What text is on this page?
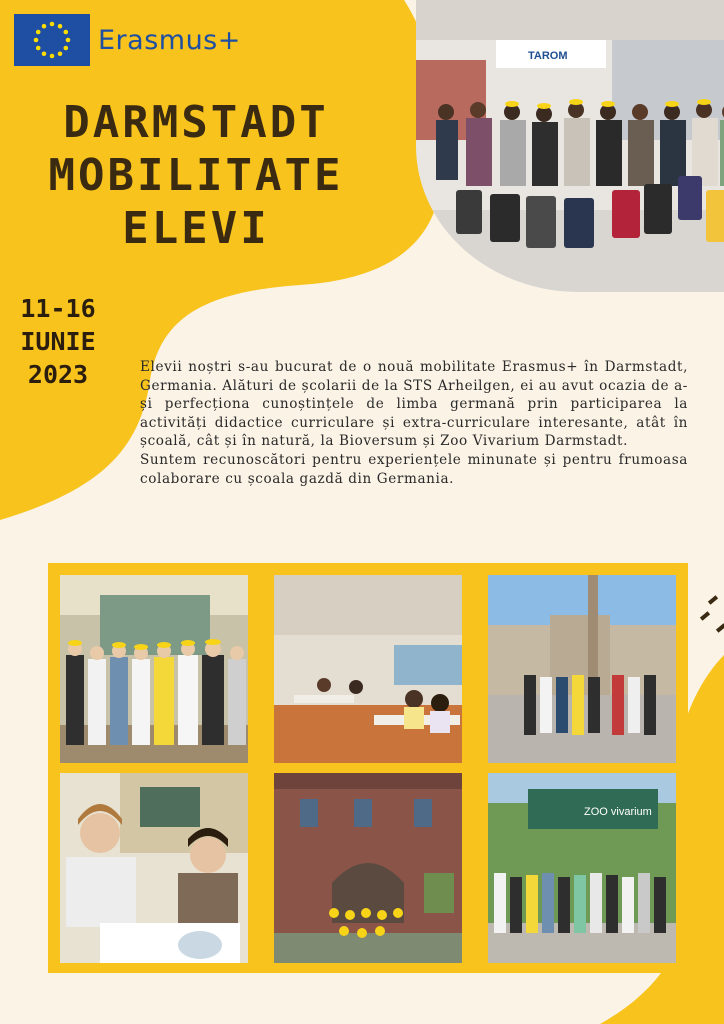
Erasmus+
DARMSTADT
MOBILITATE
ELEVI
11-16
IUNIE
2023
TAROM

Elevii noștri s-au bucurat de o nouă mobilitate Erasmus+ în Darmstadt, Germania. Alături de școlarii de la STS Arheilgen, ei au avut ocazia de a-și perfecționa cunoștințele de limba germană prin participarea la activități didactice curriculare și extra-curriculare interesante, atât în școală, cât și în natură, la Bioversum și Zoo Vivarium Darmstadt.

Suntem recunoscători pentru experiențele minunate și pentru frumoasa colaborare cu școala gazdă din Germania.

ZOO vivarium
